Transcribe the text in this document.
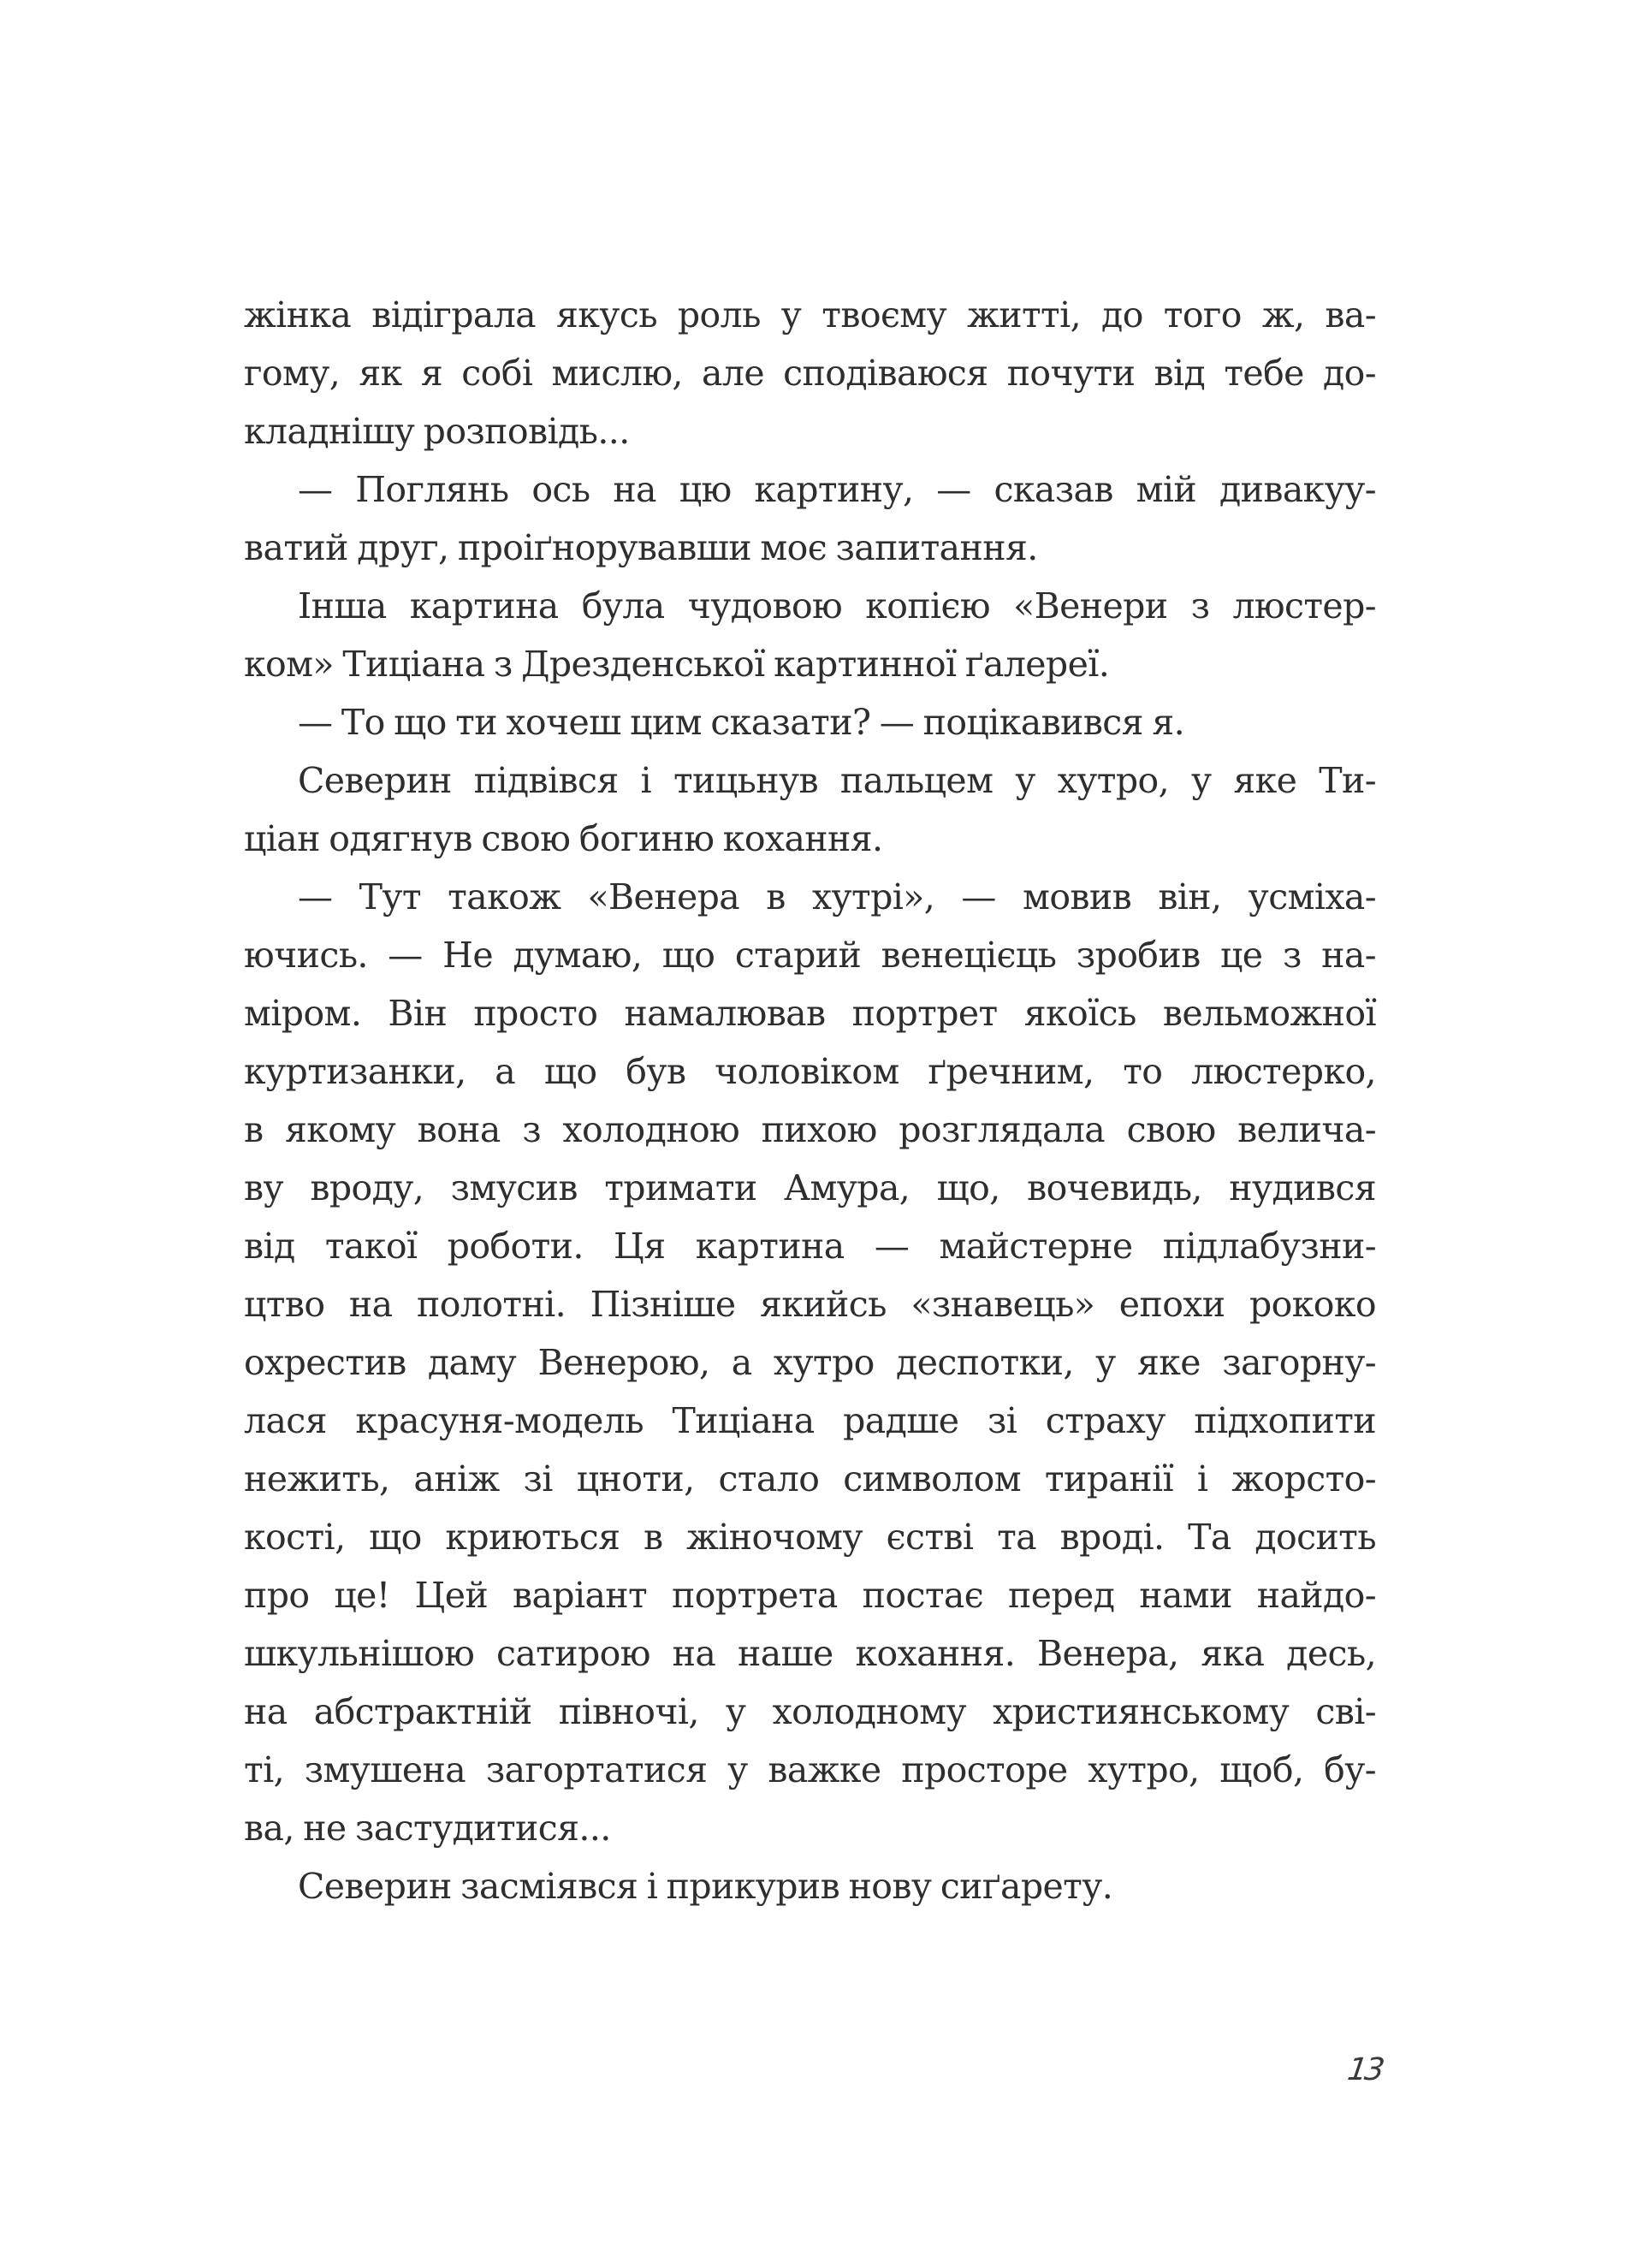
жінка відіграла якусь роль у твоєму житті, до того ж, ва-
гому, як я собі мислю, але сподіваюся почути від тебе до-
кладнішу розповідь...
— Поглянь ось на цю картину, — сказав мій дивакуу-
ватий друг, проіґнорувавши моє запитання.
Інша картина була чудовою копією «Венери з люстер-
ком» Тиціана з Дрезденської картинної ґалереї.
— То що ти хочеш цим сказати? — поцікавився я.
Северин підвівся і тицьнув пальцем у хутро, у яке Ти-
ціан одягнув свою богиню кохання.
— Тут також «Венера в хутрі», — мовив він, усміха-
ючись. — Не думаю, що старий венецієць зробив це з на-
міром. Він просто намалював портрет якоїсь вельможної
куртизанки, а що був чоловіком ґречним, то люстерко,
в якому вона з холодною пихою розглядала свою велича-
ву вроду, змусив тримати Амура, що, вочевидь, нудився
від такої роботи. Ця картина — майстерне підлабузни-
цтво на полотні. Пізніше якийсь «знавець» епохи рококо
охрестив даму Венерою, а хутро деспотки, у яке загорну-
лася красуня-модель Тиціана радше зі страху підхопити
нежить, аніж зі цноти, стало символом тиранії і жорсто-
кості, що криються в жіночому єстві та вроді. Та досить
про це! Цей варіант портрета постає перед нами найдо-
шкульнішою сатирою на наше кохання. Венера, яка десь,
на абстрактній півночі, у холодному християнському сві-
ті, змушена загортатися у важке просторе хутро, щоб, бу-
ва, не застудитися...
Северин засміявся і прикурив нову сиґарету.
13
